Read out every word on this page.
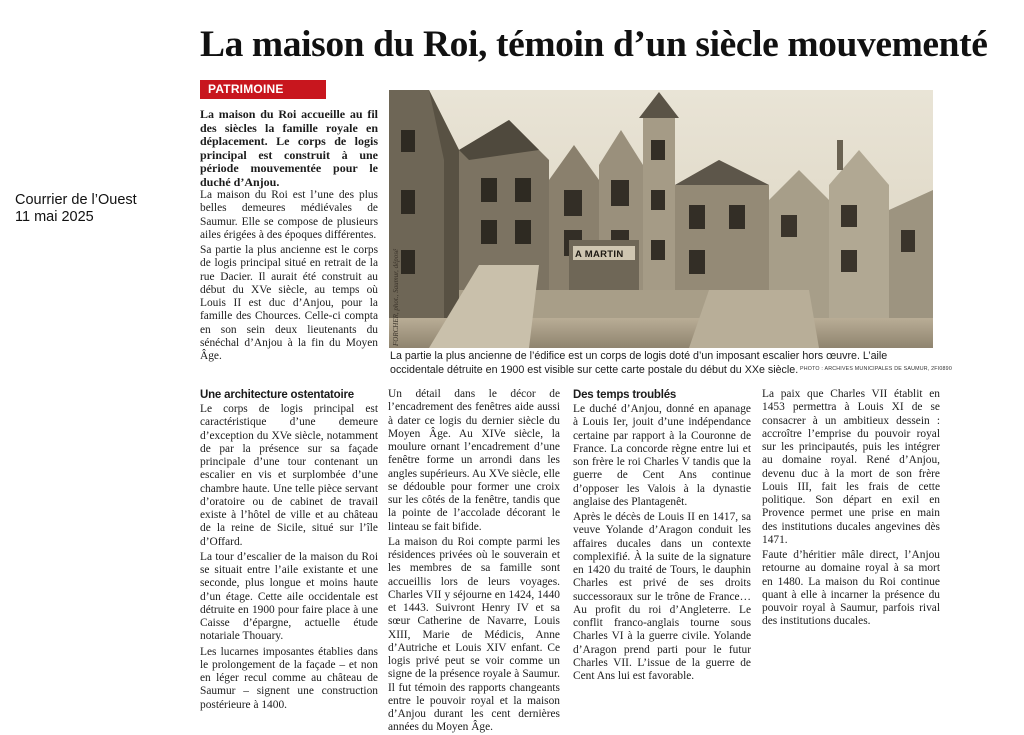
Courrier de l’Ouest
11 mai 2025
La maison du Roi, témoin d’un siècle mouvementé
PATRIMOINE

La maison du Roi accueille au fil des siècles la famille royale en déplacement. Le corps de logis principal est construit à une période mouvementée pour le duché d’Anjou.

La maison du Roi est l’une des plus belles demeures médiévales de Saumur. Elle se compose de plusieurs ailes érigées à des époques différentes.

Sa partie la plus ancienne est le corps de logis principal situé en retrait de la rue Dacier. Il aurait été construit au début du XVe siècle, au temps où Louis II est duc d’Anjou, pour la famille des Chources. Celle-ci compta en son sein deux lieutenants du sénéchal d’Anjou à la fin du Moyen Âge.

A MARTIN
FORCHER, phot., Saumur, déposé

La partie la plus ancienne de l’édifice est un corps de logis doté d’un imposant escalier hors œuvre. L’aile occidentale détruite en 1900 est visible sur cette carte postale du début du XXe siècle. PHOTO : ARCHIVES MUNICIPALES DE SAUMUR, 2FI0890
Une architecture ostentatoire

Le corps de logis principal est caractéristique d’une demeure d’exception du XVe siècle, notamment de par la présence sur sa façade principale d’une tour contenant un escalier en vis et surplombée d’une chambre haute. Une telle pièce servant d’oratoire ou de cabinet de travail existe à l’hôtel de ville et au château de la reine de Sicile, situé sur l’île d’Offard.

La tour d’escalier de la maison du Roi se situait entre l’aile existante et une seconde, plus longue et moins haute d’un étage. Cette aile occidentale est détruite en 1900 pour faire place à une Caisse d’épargne, actuelle étude notariale Thouary.

Les lucarnes imposantes établies dans le prolongement de la façade – et non en léger recul comme au château de Saumur – signent une construction postérieure à 1400.

Un détail dans le décor de l’encadrement des fenêtres aide aussi à dater ce logis du dernier siècle du Moyen Âge. Au XIVe siècle, la moulure ornant l’encadrement d’une fenêtre forme un arrondi dans les angles supérieurs. Au XVe siècle, elle se dédouble pour former une croix sur les côtés de la fenêtre, tandis que la pointe de l’accolade décorant le linteau se fait bifide.

La maison du Roi compte parmi les résidences privées où le souverain et les membres de sa famille sont accueillis lors de leurs voyages. Charles VII y séjourne en 1424, 1440 et 1443. Suivront Henry IV et sa sœur Catherine de Navarre, Louis XIII, Marie de Médicis, Anne d’Autriche et Louis XIV enfant. Ce logis privé peut se voir comme un signe de la présence royale à Saumur. Il fut témoin des rapports changeants entre le pouvoir royal et la maison d’Anjou durant les cent dernières années du Moyen Âge.

Des temps troublés

Le duché d’Anjou, donné en apanage à Louis Ier, jouit d’une indépendance certaine par rapport à la Couronne de France. La concorde règne entre lui et son frère le roi Charles V tandis que la guerre de Cent Ans continue d’opposer les Valois à la dynastie anglaise des Plantagenêt.

Après le décès de Louis II en 1417, sa veuve Yolande d’Aragon conduit les affaires ducales dans un contexte complexifié. À la suite de la signature en 1420 du traité de Tours, le dauphin Charles est privé de ses droits successoraux sur le trône de France… Au profit du roi d’Angleterre. Le conflit franco-anglais tourne sous Charles VI à la guerre civile. Yolande d’Aragon prend parti pour le futur Charles VII. L’issue de la guerre de Cent Ans lui est favorable.

La paix que Charles VII établit en 1453 permettra à Louis XI de se consacrer à un ambitieux dessein : accroître l’emprise du pouvoir royal sur les principautés, puis les intégrer au domaine royal. René d’Anjou, devenu duc à la mort de son frère Louis III, fait les frais de cette politique. Son départ en exil en Provence permet une prise en main des institutions ducales angevines dès 1471.

Faute d’héritier mâle direct, l’Anjou retourne au domaine royal à sa mort en 1480. La maison du Roi continue quant à elle à incarner la présence du pouvoir royal à Saumur, parfois rival des institutions ducales.
